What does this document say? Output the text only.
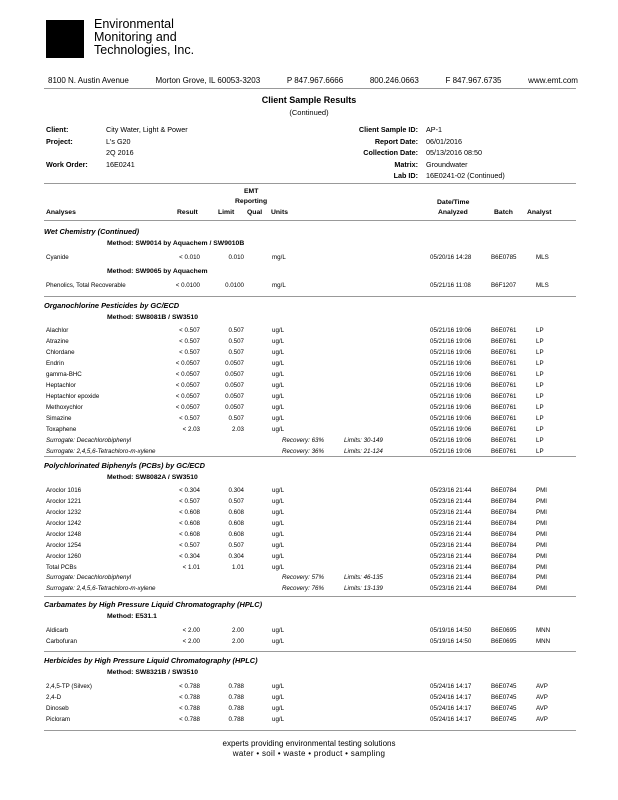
Environmental
Monitoring and
Technologies, Inc.
8100 N. Austin Avenue	Morton Grove, IL 60053-3203	P 847.967.6666	800.246.0663	F 847.967.6735	www.emt.com
Client Sample Results
(Continued)
Client:	City Water, Light & Power
Project:	L's G20
2Q 2016
Work Order:	16E0241
Client Sample ID: AP-1
Report Date: 06/01/2016
Collection Date: 05/13/2016 08:50
Matrix: Groundwater
Lab ID: 16E0241-02 (Continued)
EMT
Reporting
Analyses	Result	Limit Qual Units
Date/Time
Analyzed	Batch Analyst
Wet Chemistry (Continued)
Method: SW9014 by Aquachem / SW9010B
Cyanide	< 0.010	0.010	mg/L	05/20/16 14:28	B6E0785	MLS
Method: SW9065 by Aquachem
Phenolics, Total Recoverable	< 0.0100	0.0100	mg/L	05/21/16 11:08	B6F1207	MLS
Organochlorine Pesticides by GC/ECD
Method: SW8081B / SW3510
Alachlor	< 0.507	0.507	ug/L	05/21/16 19:06	B6E0761	LP
Atrazine	< 0.507	0.507	ug/L	05/21/16 19:06	B6E0761	LP
Chlordane	< 0.507	0.507	ug/L	05/21/16 19:06	B6E0761	LP
Endrin	< 0.0507	0.0507	ug/L	05/21/16 19:06	B6E0761	LP
gamma-BHC	< 0.0507	0.0507	ug/L	05/21/16 19:06	B6E0761	LP
Heptachlor	< 0.0507	0.0507	ug/L	05/21/16 19:06	B6E0761	LP
Heptachlor epoxide	< 0.0507	0.0507	ug/L	05/21/16 19:06	B6E0761	LP
Methoxychlor	< 0.0507	0.0507	ug/L	05/21/16 19:06	B6E0761	LP
Simazine	< 0.507	0.507	ug/L	05/21/16 19:06	B6E0761	LP
Toxaphene	< 2.03	2.03	ug/L	05/21/16 19:06	B6E0761	LP
Surrogate: Decachlorobiphenyl	Recovery: 63%	Limits: 30-149	05/21/16 19:06	B6E0761	LP
Surrogate: 2,4,5,6-Tetrachloro-m-xylene	Recovery: 36%	Limits: 21-124	05/21/16 19:06	B6E0761	LP
Polychlorinated Biphenyls (PCBs) by GC/ECD
Method: SW8082A / SW3510
Aroclor 1016	< 0.304	0.304	ug/L	05/23/16 21:44	B6E0784	PMI
Aroclor 1221	< 0.507	0.507	ug/L	05/23/16 21:44	B6E0784	PMI
Aroclor 1232	< 0.608	0.608	ug/L	05/23/16 21:44	B6E0784	PMI
Aroclor 1242	< 0.608	0.608	ug/L	05/23/16 21:44	B6E0784	PMI
Aroclor 1248	< 0.608	0.608	ug/L	05/23/16 21:44	B6E0784	PMI
Aroclor 1254	< 0.507	0.507	ug/L	05/23/16 21:44	B6E0784	PMI
Aroclor 1260	< 0.304	0.304	ug/L	05/23/16 21:44	B6E0784	PMI
Total PCBs	< 1.01	1.01	ug/L	05/23/16 21:44	B6E0784	PMI
Surrogate: Decachlorobiphenyl	Recovery: 57%	Limits: 46-135	05/23/16 21:44	B6E0784	PMI
Surrogate: 2,4,5,6-Tetrachloro-m-xylene	Recovery: 76%	Limits: 13-139	05/23/16 21:44	B6E0784	PMI
Carbamates by High Pressure Liquid Chromatography (HPLC)
Method: E531.1
Aldicarb	< 2.00	2.00	ug/L	05/19/16 14:50	B6E0695	MNN
Carbofuran	< 2.00	2.00	ug/L	05/19/16 14:50	B6E0695	MNN
Herbicides by High Pressure Liquid Chromatography (HPLC)
Method: SW8321B / SW3510
2,4,5-TP (Silvex)	< 0.788	0.788	ug/L	05/24/16 14:17	B6E0745	AVP
2,4-D	< 0.788	0.788	ug/L	05/24/16 14:17	B6E0745	AVP
Dinoseb	< 0.788	0.788	ug/L	05/24/16 14:17	B6E0745	AVP
Picloram	< 0.788	0.788	ug/L	05/24/16 14:17	B6E0745	AVP
experts providing environmental testing solutions
water • soil • waste • product • sampling
